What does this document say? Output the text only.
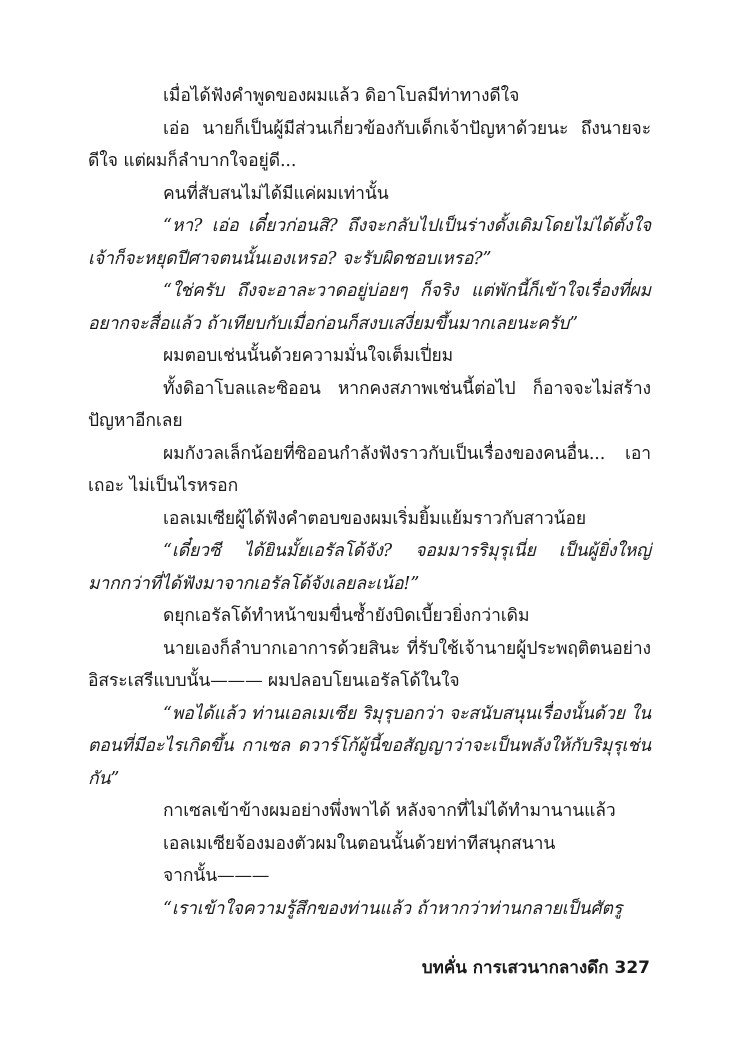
เมื่อได้ฟังคำพูดของผมแล้ว ดิอาโบลมีท่าทางดีใจ

เอ่อ นายก็เป็นผู้มีส่วนเกี่ยวข้องกับเด็กเจ้าปัญหาด้วยนะ ถึงนายจะดีใจ แต่ผมก็ลำบากใจอยู่ดี...

คนที่สับสนไม่ได้มีแค่ผมเท่านั้น

“หา? เอ่อ เดี๋ยวก่อนสิ? ถึงจะกลับไปเป็นร่างดั้งเดิมโดยไม่ได้ตั้งใจ เจ้าก็จะหยุดปีศาจตนนั้นเองเหรอ? จะรับผิดชอบเหรอ?”

“ใช่ครับ ถึงจะอาละวาดอยู่บ่อยๆ ก็จริง แต่พักนี้ก็เข้าใจเรื่องที่ผมอยากจะสื่อแล้ว ถ้าเทียบกับเมื่อก่อนก็สงบเสงี่ยมขึ้นมากเลยนะครับ”

ผมตอบเช่นนั้นด้วยความมั่นใจเต็มเปี่ยม

ทั้งดิอาโบลและซิออน หากคงสภาพเช่นนี้ต่อไป ก็อาจจะไม่สร้างปัญหาอีกเลย

ผมกังวลเล็กน้อยที่ซิออนกำลังฟังราวกับเป็นเรื่องของคนอื่น... เอาเถอะ ไม่เป็นไรหรอก

เอลเมเซียผู้ได้ฟังคำตอบของผมเริ่มยิ้มแย้มราวกับสาวน้อย

“เดี๋ยวซี ได้ยินมั้ยเอรัลโด้จัง? จอมมารริมุรุเนี่ย เป็นผู้ยิ่งใหญ่มากกว่าที่ได้ฟังมาจากเอรัลโด้จังเลยละเน้อ!”

ดยุกเอรัลโด้ทำหน้าขมขื่นซ้ำยังบิดเบี้ยวยิ่งกว่าเดิม

นายเองก็ลำบากเอาการด้วยสินะ ที่รับใช้เจ้านายผู้ประพฤติตนอย่างอิสระเสรีแบบนั้น——— ผมปลอบโยนเอรัลโด้ในใจ

“พอได้แล้ว ท่านเอลเมเซีย ริมุรุบอกว่า จะสนับสนุนเรื่องนั้นด้วย ในตอนที่มีอะไรเกิดขึ้น กาเซล ดวาร์โก้ผู้นี้ขอสัญญาว่าจะเป็นพลังให้กับริมุรุเช่นกัน”

กาเซลเข้าข้างผมอย่างพึ่งพาได้ หลังจากที่ไม่ได้ทำมานานแล้ว

เอลเมเซียจ้องมองตัวผมในตอนนั้นด้วยท่าทีสนุกสนาน

จากนั้น———

“เราเข้าใจความรู้สึกของท่านแล้ว ถ้าหากว่าท่านกลายเป็นศัตรู

บทคั่น การเสวนากลางดึก 327
